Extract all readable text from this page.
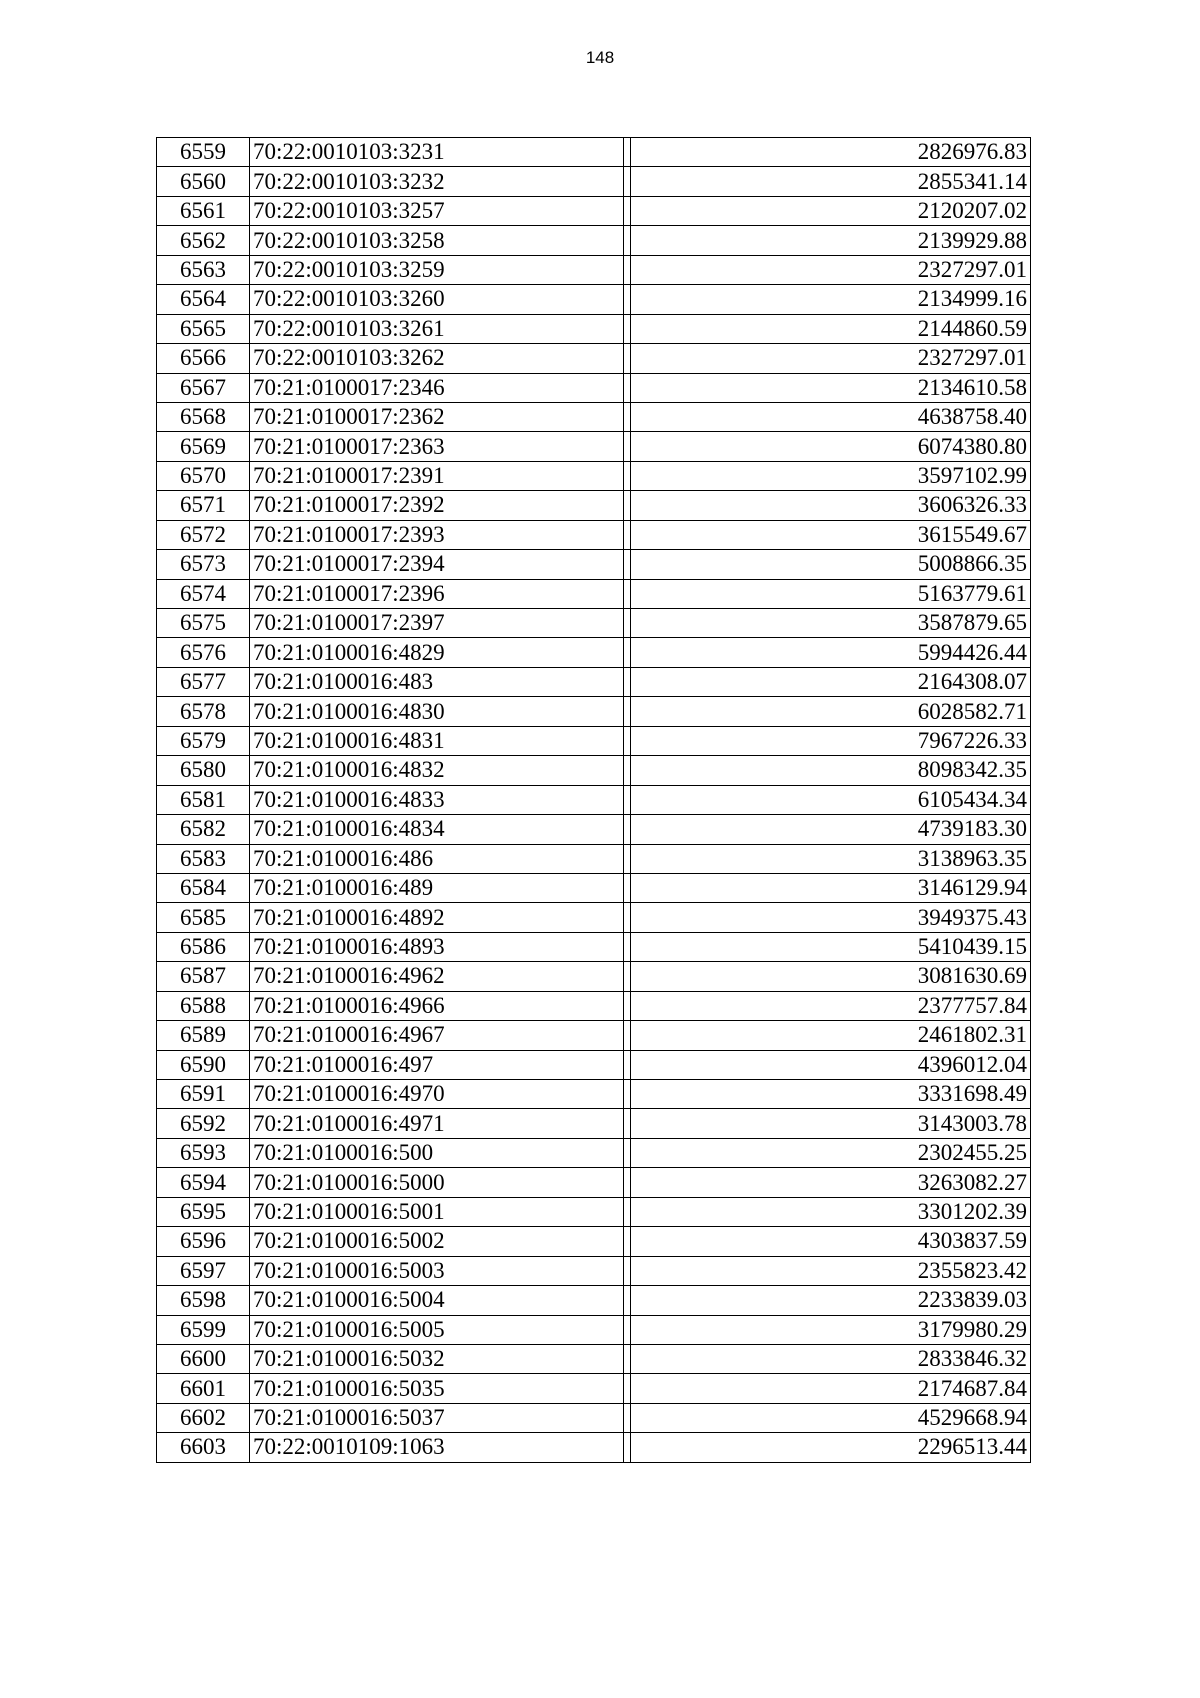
148
6559	70:22:0010103:3231		2826976.83
6560	70:22:0010103:3232		2855341.14
6561	70:22:0010103:3257		2120207.02
6562	70:22:0010103:3258		2139929.88
6563	70:22:0010103:3259		2327297.01
6564	70:22:0010103:3260		2134999.16
6565	70:22:0010103:3261		2144860.59
6566	70:22:0010103:3262		2327297.01
6567	70:21:0100017:2346		2134610.58
6568	70:21:0100017:2362		4638758.40
6569	70:21:0100017:2363		6074380.80
6570	70:21:0100017:2391		3597102.99
6571	70:21:0100017:2392		3606326.33
6572	70:21:0100017:2393		3615549.67
6573	70:21:0100017:2394		5008866.35
6574	70:21:0100017:2396		5163779.61
6575	70:21:0100017:2397		3587879.65
6576	70:21:0100016:4829		5994426.44
6577	70:21:0100016:483		2164308.07
6578	70:21:0100016:4830		6028582.71
6579	70:21:0100016:4831		7967226.33
6580	70:21:0100016:4832		8098342.35
6581	70:21:0100016:4833		6105434.34
6582	70:21:0100016:4834		4739183.30
6583	70:21:0100016:486		3138963.35
6584	70:21:0100016:489		3146129.94
6585	70:21:0100016:4892		3949375.43
6586	70:21:0100016:4893		5410439.15
6587	70:21:0100016:4962		3081630.69
6588	70:21:0100016:4966		2377757.84
6589	70:21:0100016:4967		2461802.31
6590	70:21:0100016:497		4396012.04
6591	70:21:0100016:4970		3331698.49
6592	70:21:0100016:4971		3143003.78
6593	70:21:0100016:500		2302455.25
6594	70:21:0100016:5000		3263082.27
6595	70:21:0100016:5001		3301202.39
6596	70:21:0100016:5002		4303837.59
6597	70:21:0100016:5003		2355823.42
6598	70:21:0100016:5004		2233839.03
6599	70:21:0100016:5005		3179980.29
6600	70:21:0100016:5032		2833846.32
6601	70:21:0100016:5035		2174687.84
6602	70:21:0100016:5037		4529668.94
6603	70:22:0010109:1063		2296513.44
